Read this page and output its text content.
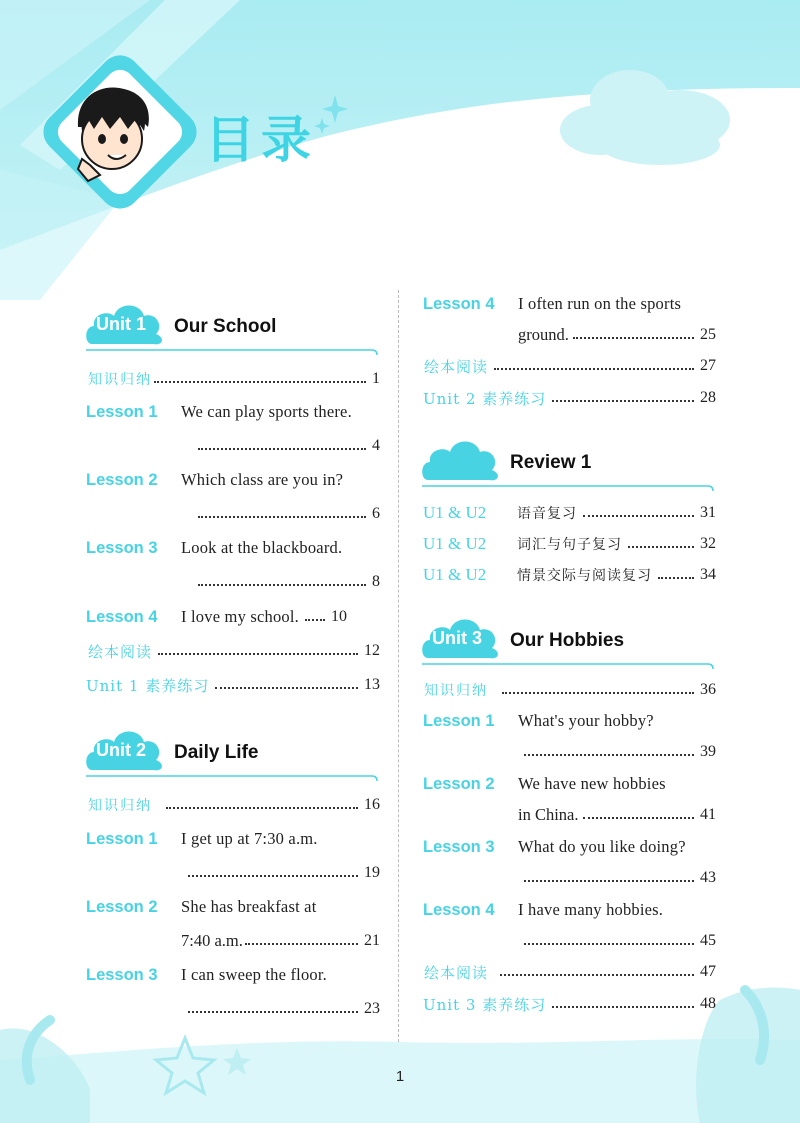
目录
Unit 1 Our School
知识归纳	1
Lesson 1	We can play sports there.
4
Lesson 2	Which class are you in?
6
Lesson 3	Look at the blackboard.
8
Lesson 4	I love my school. 10
绘本阅读	12
Unit 1 素养练习	13
Unit 2 Daily Life
知识归纳	16
Lesson 1	I get up at 7:30 a.m.
19
Lesson 2	She has breakfast at
7:40 a.m.	21
Lesson 3	I can sweep the floor.
23
Lesson 4	I often run on the sports
ground.	25
绘本阅读	27
Unit 2 素养练习	28
Review 1
U1 & U2	语音复习	31
U1 & U2	词汇与句子复习	32
U1 & U2	情景交际与阅读复习	34
Unit 3 Our Hobbies
知识归纳	36
Lesson 1	What's your hobby?
39
Lesson 2	We have new hobbies
in China.	41
Lesson 3	What do you like doing?
43
Lesson 4	I have many hobbies.
45
绘本阅读	47
Unit 3 素养练习	48
1
